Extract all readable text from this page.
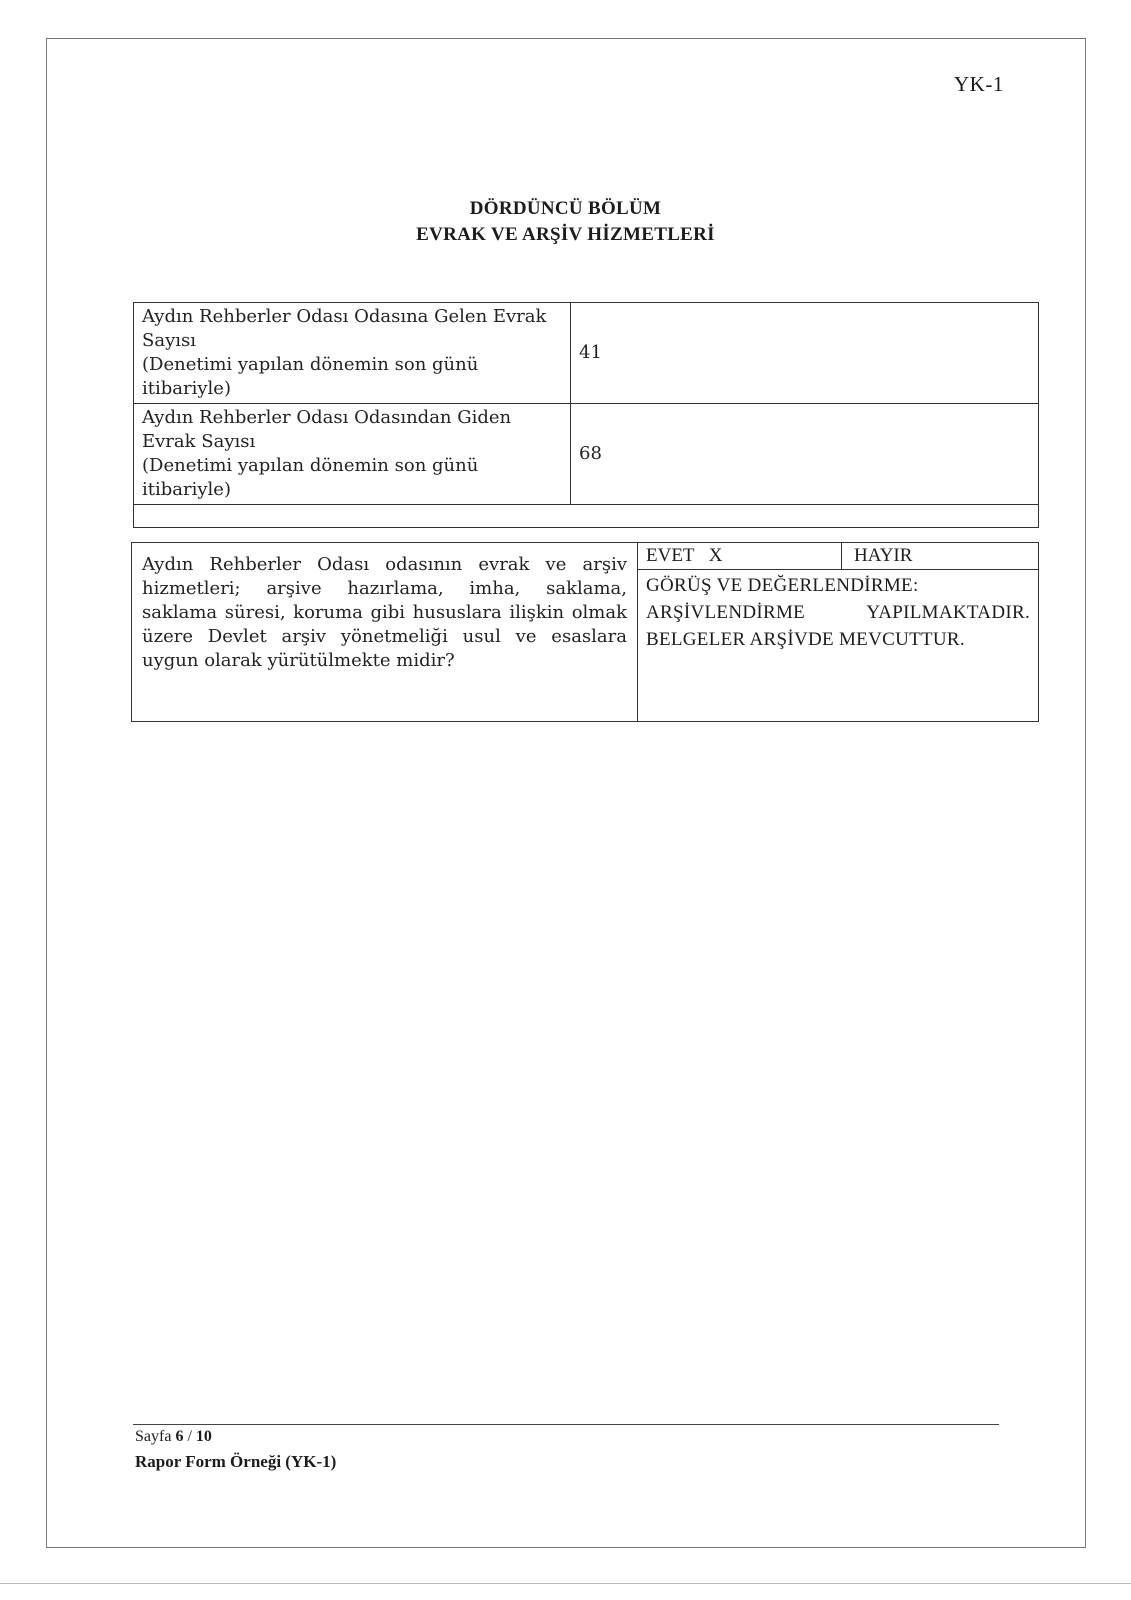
YK-1
DÖRDÜNCÜ BÖLÜM
EVRAK VE ARŞİV HİZMETLERİ
Aydın Rehberler Odası Odasına Gelen Evrak
Sayısı
(Denetimi yapılan dönemin son günü
itibariyle)	41

Aydın Rehberler Odası Odasından Giden
Evrak Sayısı
(Denetimi yapılan dönemin son günü
itibariyle)	68

Aydın Rehberler Odası odasının evrak ve arşiv hizmetleri; arşive hazırlama, imha, saklama, saklama süresi, koruma gibi hususlara ilişkin olmak üzere Devlet arşiv yönetmeliği usul ve esaslara uygun olarak yürütülmekte midir?

EVET X	HAYIR
GÖRÜŞ VE DEĞERLENDİRME:
ARŞİVLENDİRME	YAPILMAKTADIR.
BELGELER ARŞİVDE MEVCUTTUR.
Sayfa 6 / 10
Rapor Form Örneği (YK-1)
